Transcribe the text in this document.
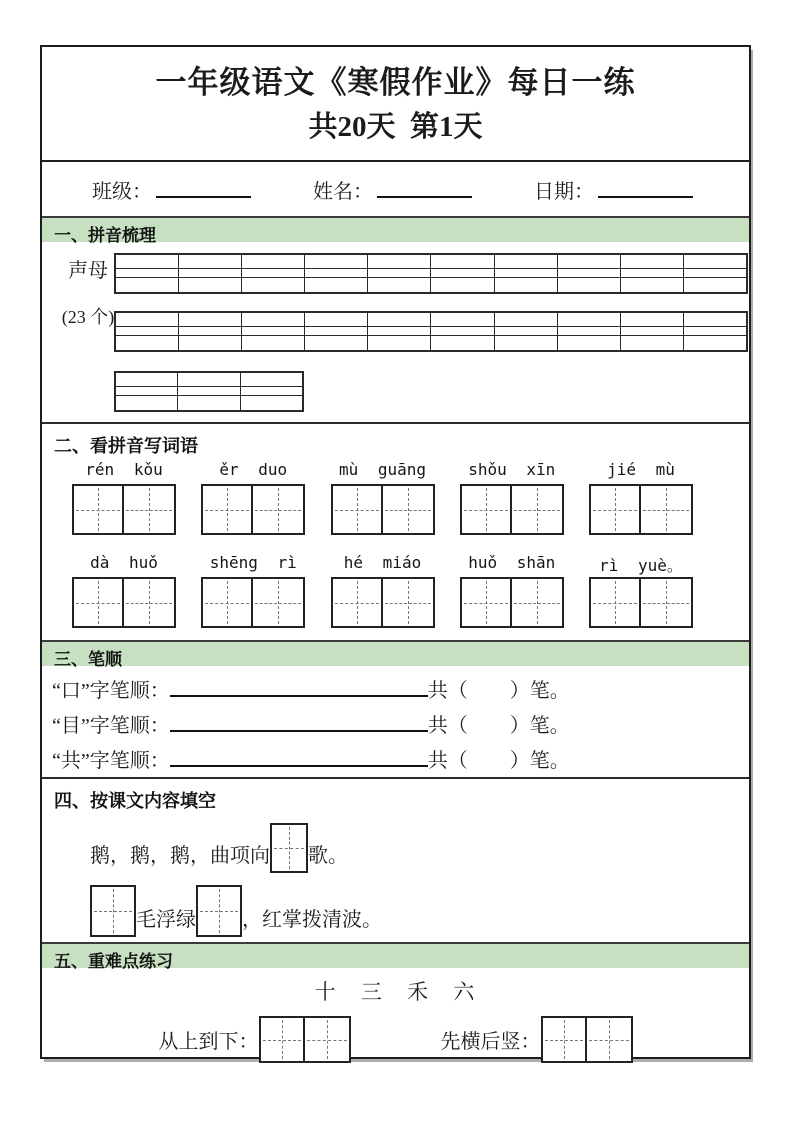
一年级语文《寒假作业》每日一练
共20天  第1天
班级：	姓名：	日期：
一、拼音梳理
声母
(23 个)

二、看拼音写词语
rén kǒu	ěr duo	mù guāng	shǒu xīn	jié mù
dà huǒ	shēng rì	hé miáo	huǒ shān	rì yuè。
三、笔顺
“口”字笔顺：	共（ ）笔。
“目”字笔顺：	共（ ）笔。
“共”字笔顺：	共（ ）笔。
四、按课文内容填空
鹅，鹅，鹅，曲项向 歌。
毛浮绿 ，红掌拨清波。
五、重难点练习
十 三 禾 六
从上到下：	先横后竖：
